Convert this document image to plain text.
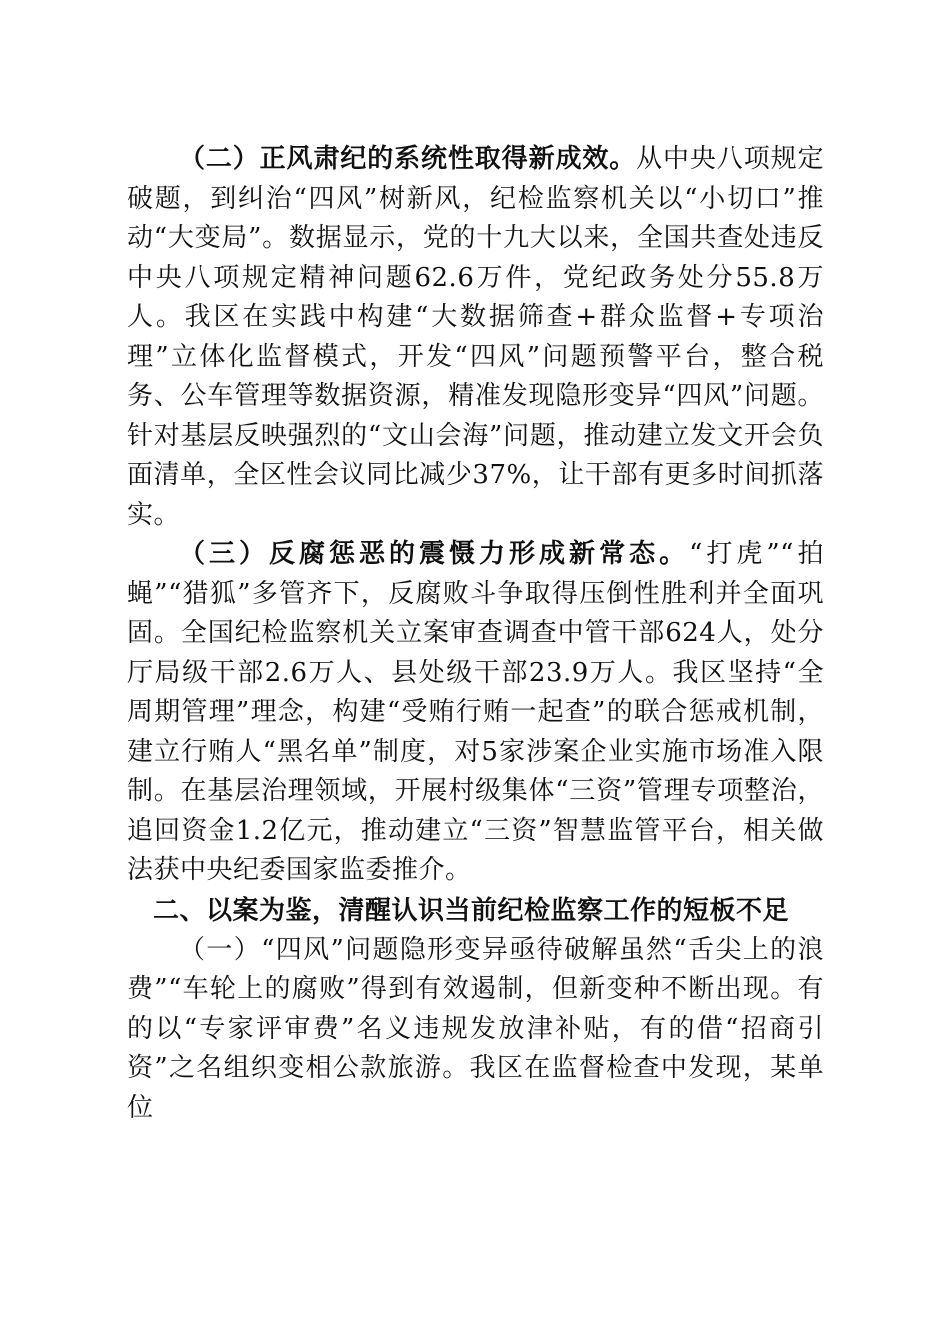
（二）正风肃纪的系统性取得新成效。从中央八项规定破题，到纠治“四风”树新风，纪检监察机关以“小切口”推动“大变局”。数据显示，党的十九大以来，全国共查处违反中央八项规定精神问题62.6万件，党纪政务处分55.8万人。我区在实践中构建“大数据筛查+群众监督+专项治理”立体化监督模式，开发“四风”问题预警平台，整合税务、公车管理等数据资源，精准发现隐形变异“四风”问题。针对基层反映强烈的“文山会海”问题，推动建立发文开会负面清单，全区性会议同比减少37%，让干部有更多时间抓落实。

（三）反腐惩恶的震慑力形成新常态。“打虎”“拍蝇”“猎狐”多管齐下，反腐败斗争取得压倒性胜利并全面巩固。全国纪检监察机关立案审查调查中管干部624人，处分厅局级干部2.6万人、县处级干部23.9万人。我区坚持“全周期管理”理念，构建“受贿行贿一起查”的联合惩戒机制，建立行贿人“黑名单”制度，对5家涉案企业实施市场准入限制。在基层治理领域，开展村级集体“三资”管理专项整治，追回资金1.2亿元，推动建立“三资”智慧监管平台，相关做法获中央纪委国家监委推介。

二、以案为鉴，清醒认识当前纪检监察工作的短板不足

（一）“四风”问题隐形变异亟待破解虽然“舌尖上的浪费”“车轮上的腐败”得到有效遏制，但新变种不断出现。有的以“专家评审费”名义违规发放津补贴，有的借“招商引资”之名组织变相公款旅游。我区在监督检查中发现，某单位
